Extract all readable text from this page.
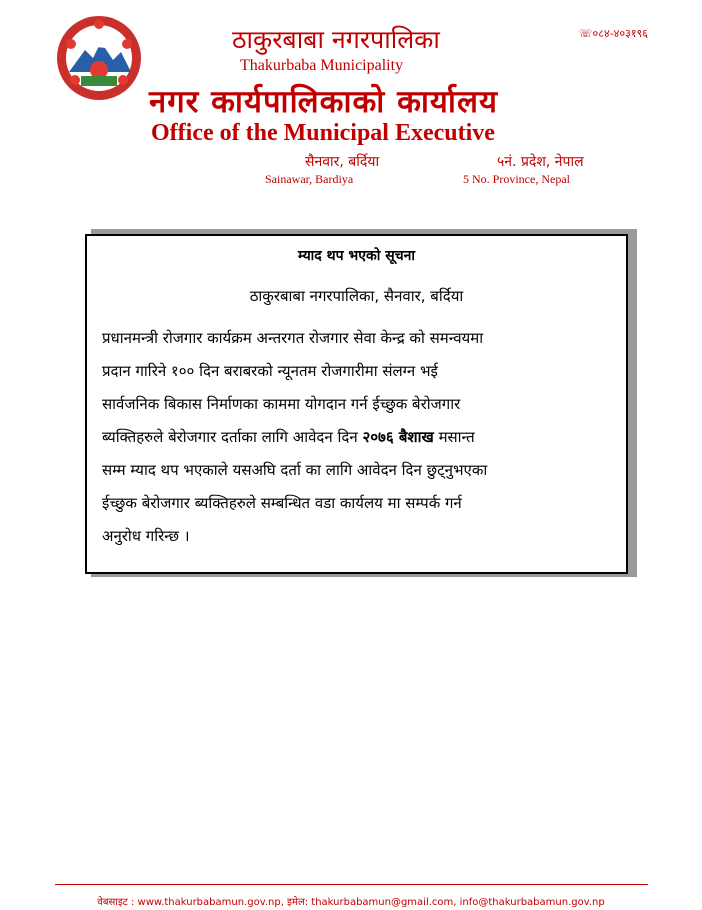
☏०८४-४०३१९६
ठाकुरबाबा नगरपालिका
Thakurbaba Municipality
नगर कार्यपालिकाको कार्यालय
Office of the Municipal Executive
सैनवार, बर्दिया	५नं. प्रदेश, नेपाल
Sainawar, Bardiya	5 No. Province, Nepal
म्याद थप भएको सूचना
ठाकुरबाबा नगरपालिका, सैनवार, बर्दिया

प्रधानमन्त्री रोजगार कार्यक्रम अन्तरगत रोजगार सेवा केन्द्र को समन्वयमा

प्रदान गारिने १०० दिन बराबरको न्यूनतम रोजगारीमा संलग्न भई

सार्वजनिक बिकास निर्माणका काममा योगदान गर्न ईच्छुक बेरोजगार

ब्यक्तिहरुले बेरोजगार दर्ताका लागि आवेदन दिन २०७६ बैशाख मसान्त

सम्म म्याद थप भएकाले यसअघि दर्ता का लागि आवेदन दिन छुट्नुभएका

ईच्छुक बेरोजगार ब्यक्तिहरुले सम्बन्धित वडा कार्यलय मा सम्पर्क गर्न

अनुरोध गरिन्छ ।

वेबसाइट : www.thakurbabamun.gov.np, इमेल: thakurbabamun@gmail.com, info@thakurbabamun.gov.np
